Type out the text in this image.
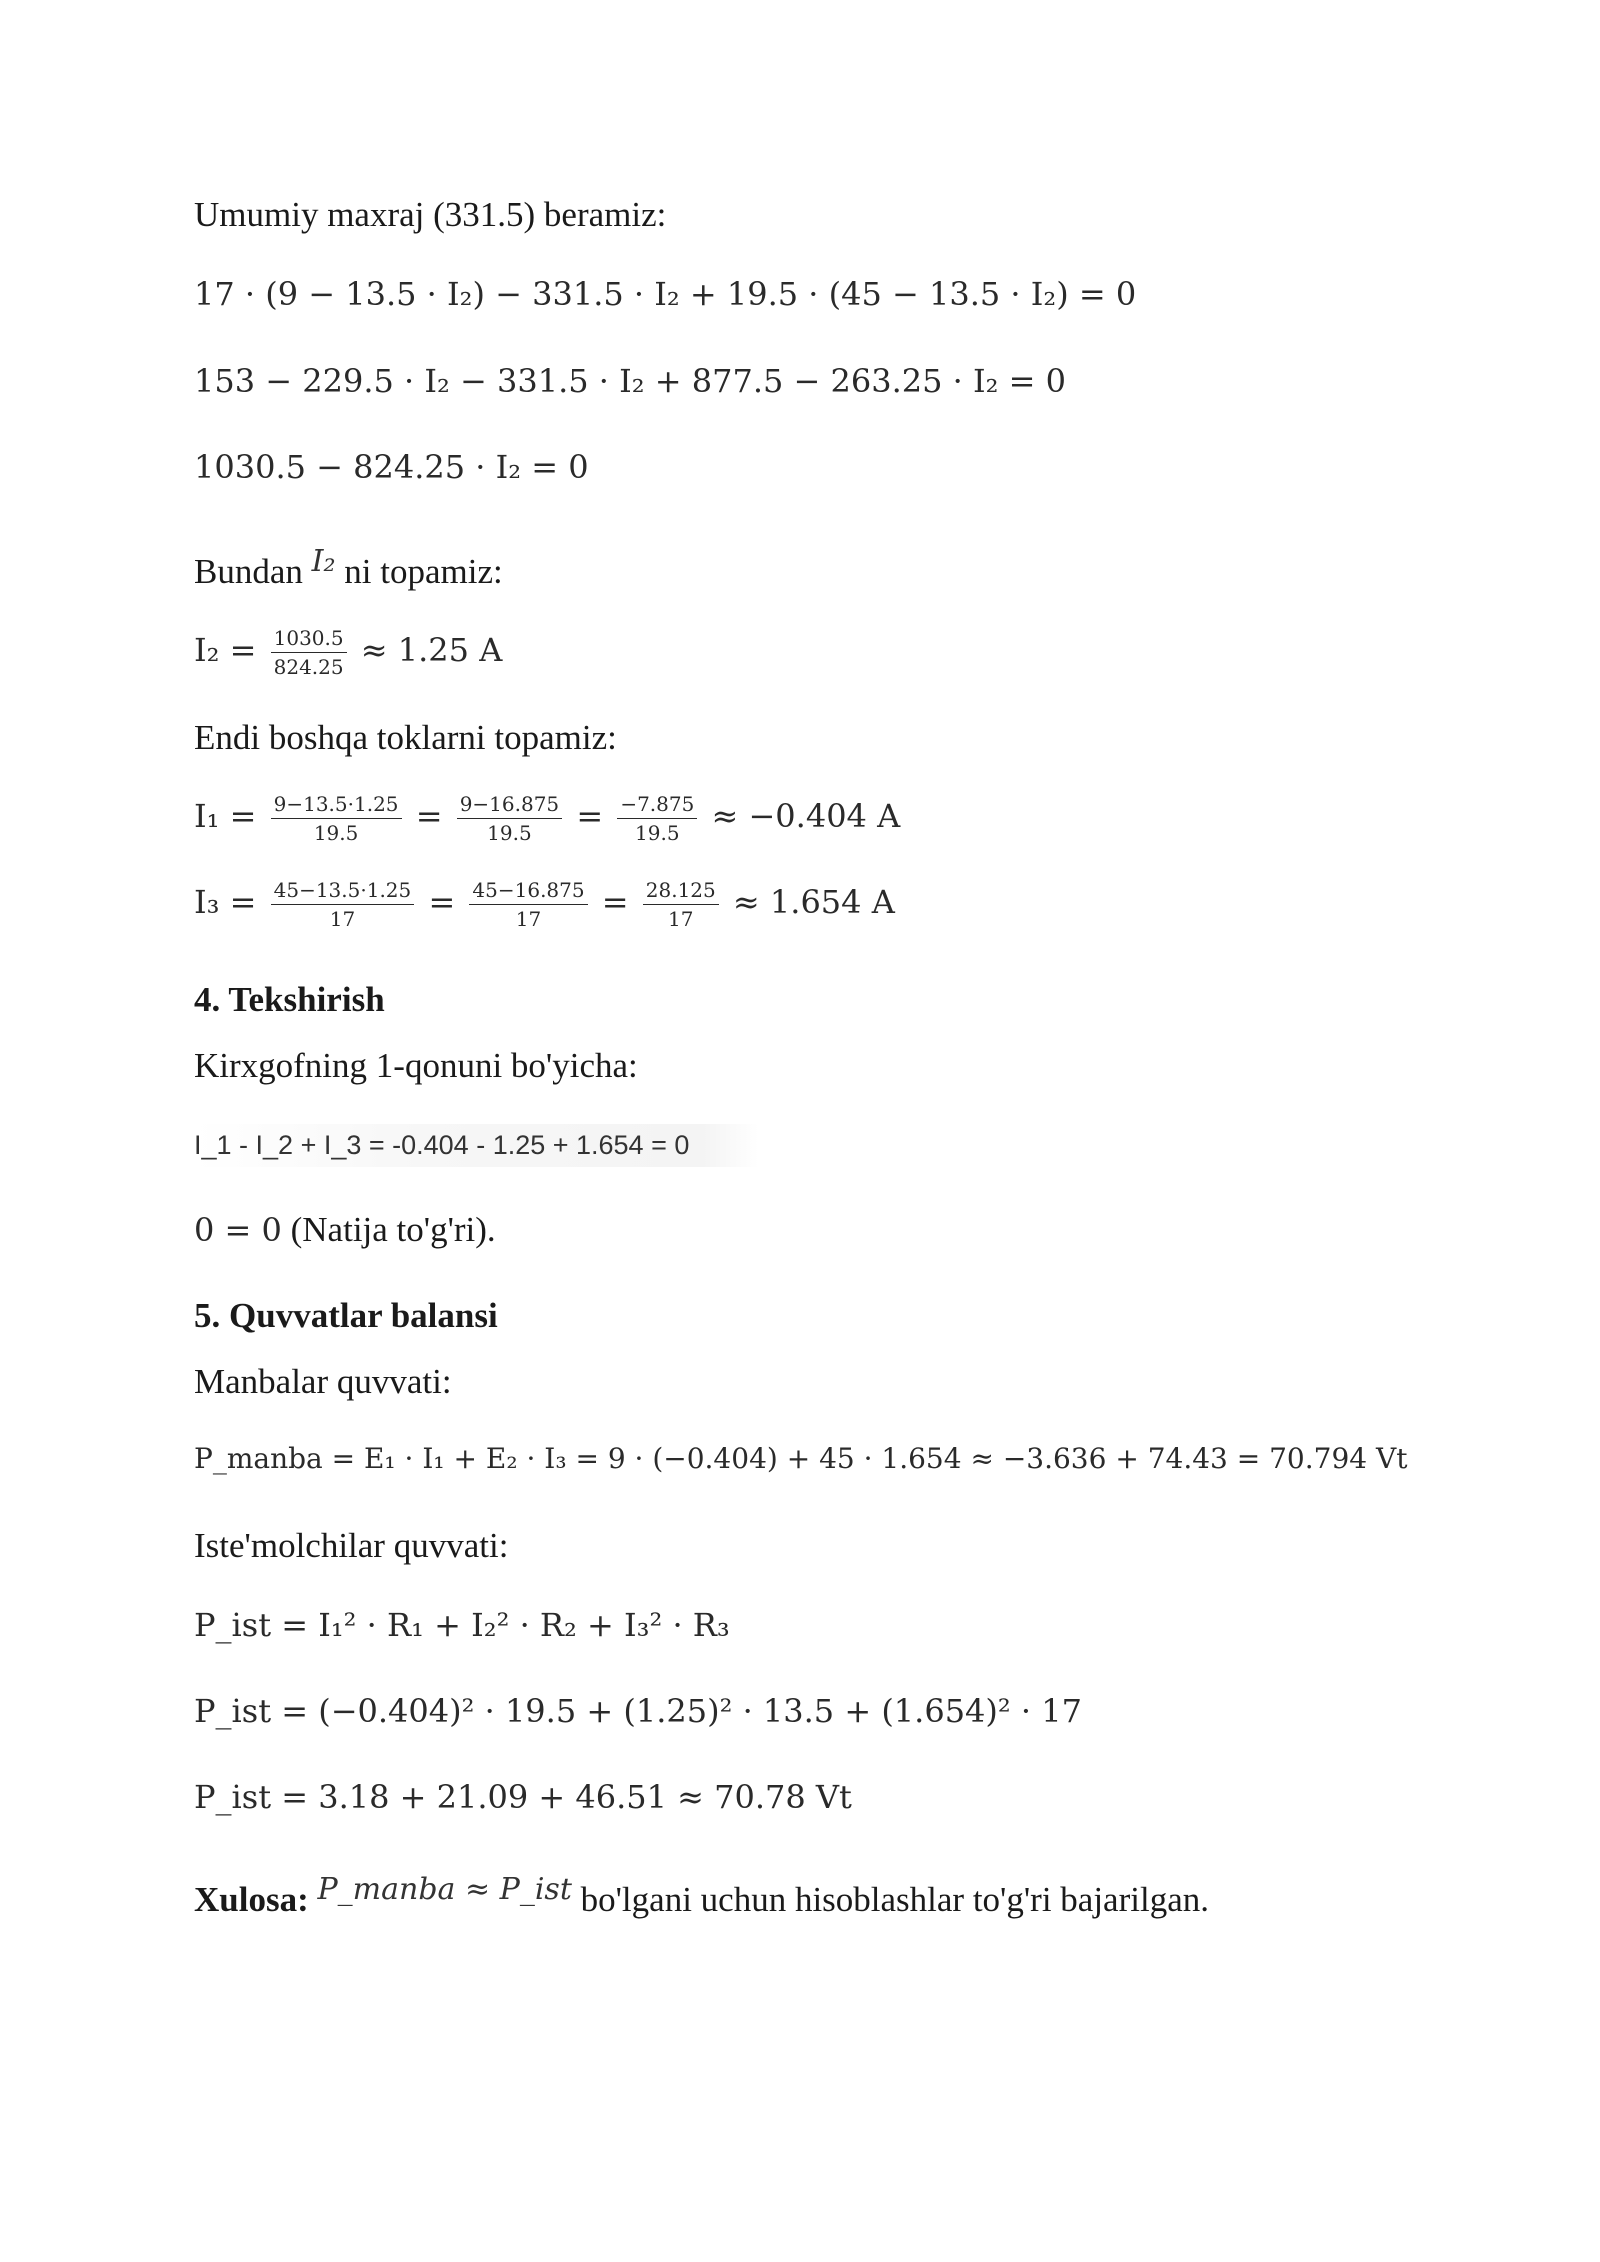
Umumiy maxraj (331.5) beramiz:
17 · (9 − 13.5 · I₂) − 331.5 · I₂ + 19.5 · (45 − 13.5 · I₂) = 0
153 − 229.5 · I₂ − 331.5 · I₂ + 877.5 − 263.25 · I₂ = 0
1030.5 − 824.25 · I₂ = 0
Bundan I₂ ni topamiz:
$I_2 = \frac{1030.5}{824.25} \approx 1.25$ A
Endi boshqa toklarni topamiz:
$I_1 = \frac{9-13.5\cdot 1.25}{19.5} = \frac{9-16.875}{19.5} = \frac{-7.875}{19.5} \approx -0.404$ A
$I_3 = \frac{45-13.5\cdot 1.25}{17} = \frac{45-16.875}{17} = \frac{28.125}{17} \approx 1.654$ A
4. Tekshirish
Kirxgofning 1-qonuni bo'yicha:
I_1 - I_2 + I_3 = -0.404 - 1.25 + 1.654 = 0
0 = 0 (Natija to'g'ri).
5. Quvvatlar balansi
Manbalar quvvati:
P_manba = E₁ · I₁ + E₂ · I₃ = 9 · (−0.404) + 45 · 1.654 ≈ −3.636 + 74.43 = 70.794 Vt
Iste'molchilar quvvati:
P_ist = I₁² · R₁ + I₂² · R₂ + I₃² · R₃
P_ist = (−0.404)² · 19.5 + (1.25)² · 13.5 + (1.654)² · 17
P_ist = 3.18 + 21.09 + 46.51 ≈ 70.78 Vt
Xulosa: P_manba ≈ P_ist bo'lgani uchun hisoblashlar to'g'ri bajarilgan.
